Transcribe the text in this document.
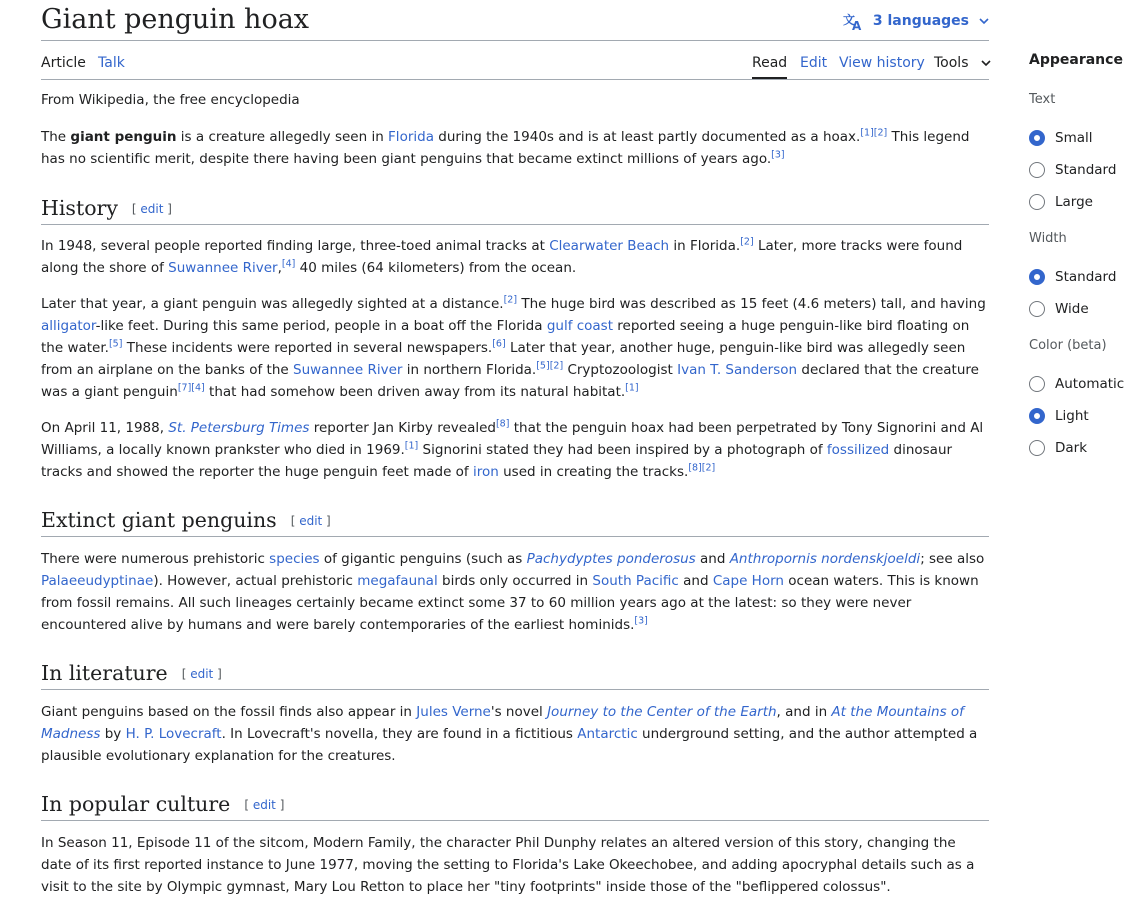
Giant penguin hoax	文
A 3 languages
Article Talk	Read Edit View history Tools
From Wikipedia, the free encyclopedia

The giant penguin is a creature allegedly seen in Florida during the 1940s and is at least partly documented as a hoax.[1][2] This legend has no scientific merit, despite there having been giant penguins that became extinct millions of years ago.[3]

History [ edit ]

In 1948, several people reported finding large, three-toed animal tracks at Clearwater Beach in Florida.[2] Later, more tracks were found along the shore of Suwannee River,[4] 40 miles (64 kilometers) from the ocean.

Later that year, a giant penguin was allegedly sighted at a distance.[2] The huge bird was described as 15 feet (4.6 meters) tall, and having alligator-like feet. During this same period, people in a boat off the Florida gulf coast reported seeing a huge penguin-like bird floating on the water.[5] These incidents were reported in several newspapers.[6] Later that year, another huge, penguin-like bird was allegedly seen from an airplane on the banks of the Suwannee River in northern Florida.[5][2] Cryptozoologist Ivan T. Sanderson declared that the creature was a giant penguin[7][4] that had somehow been driven away from its natural habitat.[1]

On April 11, 1988, St. Petersburg Times reporter Jan Kirby revealed[8] that the penguin hoax had been perpetrated by Tony Signorini and Al Williams, a locally known prankster who died in 1969.[1] Signorini stated they had been inspired by a photograph of fossilized dinosaur tracks and showed the reporter the huge penguin feet made of iron used in creating the tracks.[8][2]

Extinct giant penguins [ edit ]

There were numerous prehistoric species of gigantic penguins (such as Pachydyptes ponderosus and Anthropornis nordenskjoeldi; see also Palaeeudyptinae). However, actual prehistoric megafaunal birds only occurred in South Pacific and Cape Horn ocean waters. This is known from fossil remains. All such lineages certainly became extinct some 37 to 60 million years ago at the latest: so they were never encountered alive by humans and were barely contemporaries of the earliest hominids.[3]

In literature [ edit ]

Giant penguins based on the fossil finds also appear in Jules Verne's novel Journey to the Center of the Earth, and in At the Mountains of Madness by H. P. Lovecraft. In Lovecraft's novella, they are found in a fictitious Antarctic underground setting, and the author attempted a plausible evolutionary explanation for the creatures.

In popular culture [ edit ]

In Season 11, Episode 11 of the sitcom, Modern Family, the character Phil Dunphy relates an altered version of this story, changing the date of its first reported instance to June 1977, moving the setting to Florida's Lake Okeechobee, and adding apocryphal details such as a visit to the site by Olympic gymnast, Mary Lou Retton to place her "tiny footprints" inside those of the "beflippered colossus".

Appearance
Text
Small
Standard
Large
Width
Standard
Wide
Color (beta)
Automatic
Light
Dark
